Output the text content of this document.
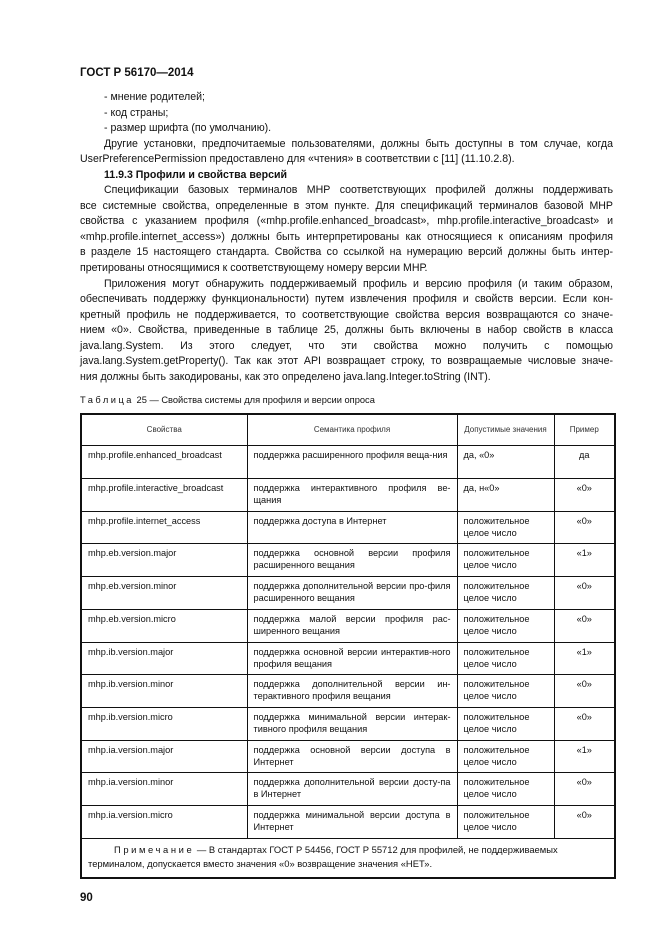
ГОСТ Р 56170—2014
- мнение родителей;
- код страны;
- размер шрифта (по умолчанию).
Другие установки, предпочитаемые пользователями, должны быть доступны в том случае, когда
UserPreferencePermission предоставлено для «чтения» в соответствии с [11] (11.10.2.8).
11.9.3 Профили и свойства версий
Спецификации базовых терминалов МНР соответствующих профилей должны поддерживать
все системные свойства, определенные в этом пункте. Для спецификаций терминалов базовой МНР
свойства с указанием профиля («mhp.profile.enhanced_broadcast», mhp.profile.interactive_broadcast» и
«mhp.profile.internet_access») должны быть интерпретированы как относящиеся к описаниям профиля
в разделе 15 настоящего стандарта. Свойства со ссылкой на нумерацию версий должны быть интер-
претированы относящимися к соответствующему номеру версии МНР.
Приложения могут обнаружить поддерживаемый профиль и версию профиля (и таким образом,
обеспечивать поддержку функциональности) путем извлечения профиля и свойств версии. Если кон-
кретный профиль не поддерживается, то соответствующие свойства версия возвращаются со значе-
нием «0». Свойства, приведенные в таблице 25, должны быть включены в набор свойств в класса
java.lang.System. Из этого следует, что эти свойства можно получить с помощью
java.lang.System.getProperty(). Так как этот API возвращает строку, то возвращаемые числовые значе-
ния должны быть закодированы, как это определено java.lang.Integer.toString (INT).
Таблица 25 — Свойства системы для профиля и версии опроса
Свойства	Семантика профиля	Допустимые значения	Пример
mhp.profile.enhanced_broadcast	поддержка расширенного профиля веща-ния	да, «0»	да
mhp.profile.interactive_broadcast	поддержка интерактивного профиля ве-щания	да, н«0»	«0»
mhp.profile.internet_access	поддержка доступа в Интернет	положительное целое число	«0»
mhp.eb.version.major	поддержка основной версии профиля расширенного вещания	положительное целое число	«1»
mhp.eb.version.minor	поддержка дополнительной версии про-филя расширенного вещания	положительное целое число	«0»
mhp.eb.version.micro	поддержка малой версии профиля рас-ширенного вещания	положительное целое число	«0»
mhp.ib.version.major	поддержка основной версии интерактив-ного профиля вещания	положительное целое число	«1»
mhp.ib.version.minor	поддержка дополнительной версии ин-терактивного профиля вещания	положительное целое число	«0»
mhp.ib.version.micro	поддержка минимальной версии интерак-тивного профиля вещания	положительное целое число	«0»
mhp.ia.version.major	поддержка основной версии доступа в Интернет	положительное целое число	«1»
mhp.ia.version.minor	поддержка дополнительной версии досту-па в Интернет	положительное целое число	«0»
mhp.ia.version.micro	поддержка минимальной версии доступа в Интернет	положительное целое число	«0»
Примечание — В стандартах ГОСТ Р 54456, ГОСТ Р 55712 для профилей, не поддерживаемых терминалом, допускается вместо значения «0» возвращение значения «НЕТ».			
90
